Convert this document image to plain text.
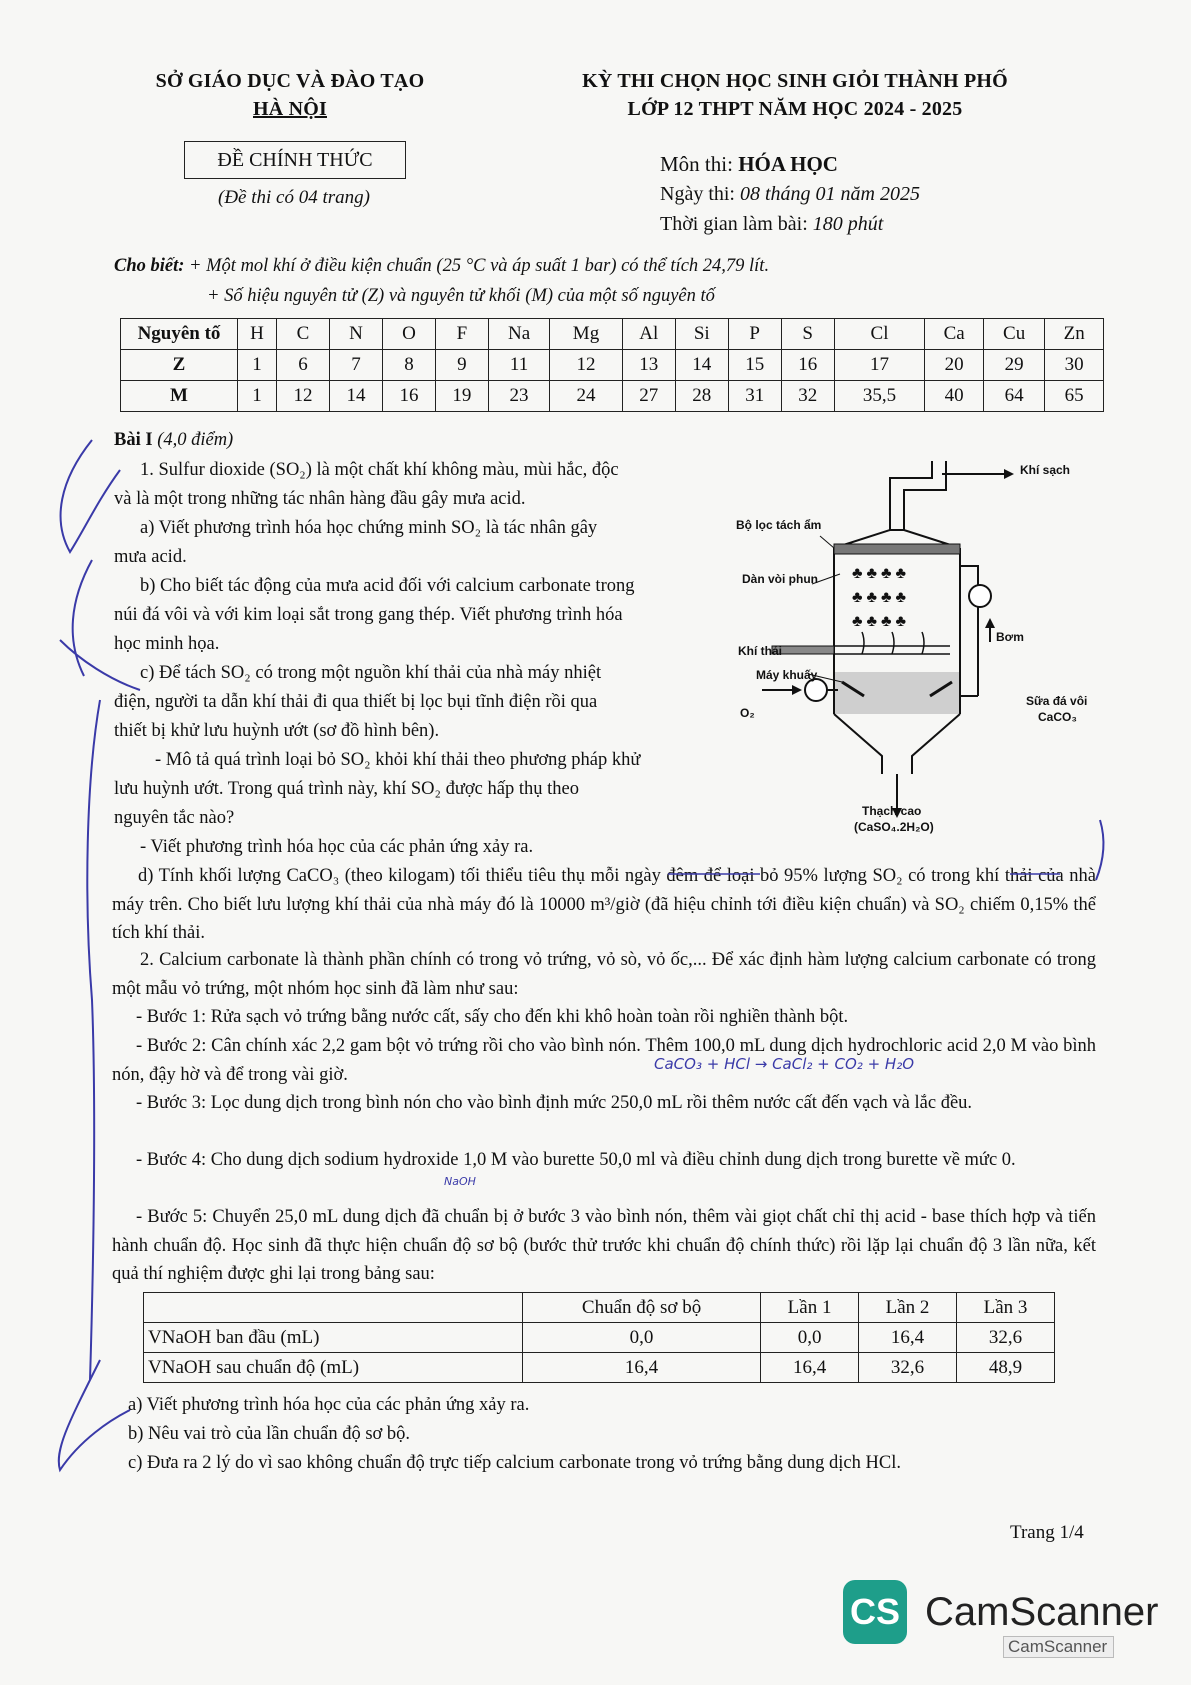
SỞ GIÁO DỤC VÀ ĐÀO TẠO
HÀ NỘI
KỲ THI CHỌN HỌC SINH GIỎI THÀNH PHỐ
LỚP 12 THPT NĂM HỌC 2024 - 2025
ĐỀ CHÍNH THỨC
(Đề thi có 04 trang)
Môn thi: HÓA HỌC
Ngày thi: 08 tháng 01 năm 2025
Thời gian làm bài: 180 phút
Cho biết: + Một mol khí ở điều kiện chuẩn (25 °C và áp suất 1 bar) có thể tích 24,79 lít.
+ Số hiệu nguyên tử (Z) và nguyên tử khối (M) của một số nguyên tố
Nguyên tố	H	C	N	O	F	Na	Mg	Al	Si	P	S	Cl	Ca	Cu	Zn
Z	1	6	7	8	9	11	12	13	14	15	16	17	20	29	30
M	1	12	14	16	19	23	24	27	28	31	32	35,5	40	64	65
Bài I (4,0 điểm)
1. Sulfur dioxide (SO₂) là một chất khí không màu, mùi hắc, độc
và là một trong những tác nhân hàng đầu gây mưa acid.
a) Viết phương trình hóa học chứng minh SO₂ là tác nhân gây
mưa acid.
b) Cho biết tác động của mưa acid đối với calcium carbonate trong
núi đá vôi và với kim loại sắt trong gang thép. Viết phương trình hóa
học minh họa.
c) Để tách SO₂ có trong một nguồn khí thải của nhà máy nhiệt
điện, người ta dẫn khí thải đi qua thiết bị lọc bụi tĩnh điện rồi qua
thiết bị khử lưu huỳnh ướt (sơ đồ hình bên).
- Mô tả quá trình loại bỏ SO₂ khỏi khí thải theo phương pháp khử
lưu huỳnh ướt. Trong quá trình này, khí SO₂ được hấp thụ theo
nguyên tắc nào?
- Viết phương trình hóa học của các phản ứng xảy ra.
d) Tính khối lượng CaCO₃ (theo kilogam) tối thiểu tiêu thụ mỗi ngày đêm để loại bỏ 95% lượng SO₂ có trong khí thải của nhà máy trên. Cho biết lưu lượng khí thải của nhà máy đó là 10000 m³/giờ (đã hiệu chỉnh tới điều kiện chuẩn) và SO₂ chiếm 0,15% thể tích khí thải.
2. Calcium carbonate là thành phần chính có trong vỏ trứng, vỏ sò, vỏ ốc,... Để xác định hàm lượng calcium carbonate có trong một mẫu vỏ trứng, một nhóm học sinh đã làm như sau:
- Bước 1: Rửa sạch vỏ trứng bằng nước cất, sấy cho đến khi khô hoàn toàn rồi nghiền thành bột.
- Bước 2: Cân chính xác 2,2 gam bột vỏ trứng rồi cho vào bình nón. Thêm 100,0 mL dung dịch hydrochloric acid 2,0 M vào bình nón, đậy hờ và để trong vài giờ.
- Bước 3: Lọc dung dịch trong bình nón cho vào bình định mức 250,0 mL rồi thêm nước cất đến vạch và lắc đều.
- Bước 4: Cho dung dịch sodium hydroxide 1,0 M vào burette 50,0 ml và điều chỉnh dung dịch trong burette về mức 0.
- Bước 5: Chuyển 25,0 mL dung dịch đã chuẩn bị ở bước 3 vào bình nón, thêm vài giọt chất chỉ thị acid - base thích hợp và tiến hành chuẩn độ. Học sinh đã thực hiện chuẩn độ sơ bộ (bước thử trước khi chuẩn độ chính thức) rồi lặp lại chuẩn độ 3 lần nữa, kết quả thí nghiệm được ghi lại trong bảng sau:
	Chuẩn độ sơ bộ	Lần 1	Lần 2	Lần 3
VNaOH ban đầu (mL)	0,0	0,0	16,4	32,6
VNaOH sau chuẩn độ (mL)	16,4	16,4	32,6	48,9
a) Viết phương trình hóa học của các phản ứng xảy ra.
b) Nêu vai trò của lần chuẩn độ sơ bộ.
c) Đưa ra 2 lý do vì sao không chuẩn độ trực tiếp calcium carbonate trong vỏ trứng bằng dung dịch HCl.
♣ ♣ ♣ ♣
♣ ♣ ♣ ♣
♣ ♣ ♣ ♣
Khí sạch
Bộ lọc tách ẩm
Dàn vòi phun
Bơm
Khí thải
Máy khuấy
O₂
Sữa đá vôi
CaCO₃
Thạch cao
(CaSO₄.2H₂O)
CaCO₃ + HCl → CaCl₂ + CO₂ + H₂O
NaOH
Trang 1/4
CS CamScanner
CamScanner
